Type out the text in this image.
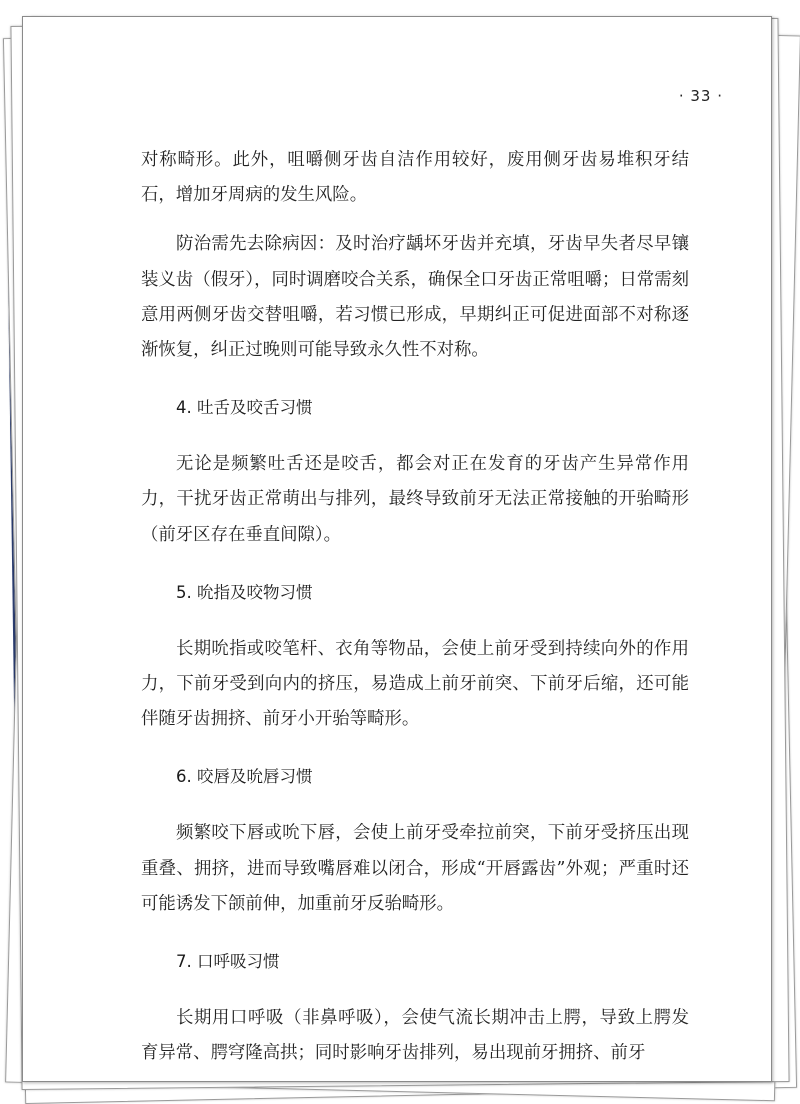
· 33 ·

对称畸形。此外，咀嚼侧牙齿自洁作用较好，废用侧牙齿易堆积牙结石，增加牙周病的发生风险。

防治需先去除病因：及时治疗龋坏牙齿并充填，牙齿早失者尽早镶装义齿（假牙），同时调磨咬合关系，确保全口牙齿正常咀嚼；日常需刻意用两侧牙齿交替咀嚼，若习惯已形成，早期纠正可促进面部不对称逐渐恢复，纠正过晚则可能导致永久性不对称。

4. 吐舌及咬舌习惯

无论是频繁吐舌还是咬舌，都会对正在发育的牙齿产生异常作用力，干扰牙齿正常萌出与排列，最终导致前牙无法正常接触的开骀畸形（前牙区存在垂直间隙）。

5. 吮指及咬物习惯

长期吮指或咬笔杆、衣角等物品，会使上前牙受到持续向外的作用力，下前牙受到向内的挤压，易造成上前牙前突、下前牙后缩，还可能伴随牙齿拥挤、前牙小开骀等畸形。

6. 咬唇及吮唇习惯

频繁咬下唇或吮下唇，会使上前牙受牵拉前突，下前牙受挤压出现重叠、拥挤，进而导致嘴唇难以闭合，形成“开唇露齿”外观；严重时还可能诱发下颌前伸，加重前牙反骀畸形。

7. 口呼吸习惯

长期用口呼吸（非鼻呼吸），会使气流长期冲击上腭，导致上腭发育异常、腭穹隆高拱；同时影响牙齿排列，易出现前牙拥挤、前牙
